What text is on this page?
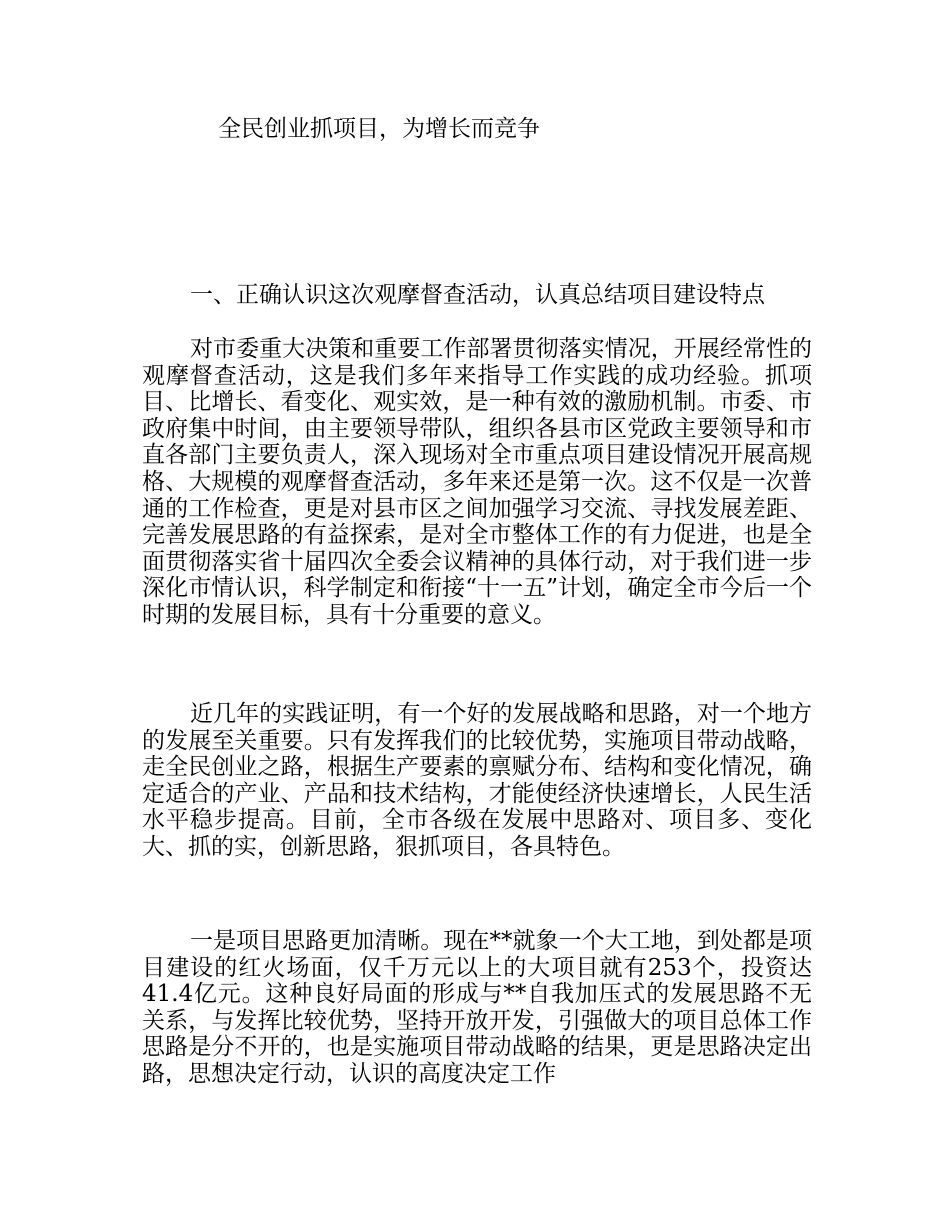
全民创业抓项目，为增长而竞争
一、正确认识这次观摩督查活动，认真总结项目建设特点

对市委重大决策和重要工作部署贯彻落实情况，开展经常性的观摩督查活动，这是我们多年来指导工作实践的成功经验。抓项目、比增长、看变化、观实效，是一种有效的激励机制。市委、市政府集中时间，由主要领导带队，组织各县市区党政主要领导和市直各部门主要负责人，深入现场对全市重点项目建设情况开展高规格、大规模的观摩督查活动，多年来还是第一次。这不仅是一次普通的工作检查，更是对县市区之间加强学习交流、寻找发展差距、完善发展思路的有益探索，是对全市整体工作的有力促进，也是全面贯彻落实省十届四次全委会议精神的具体行动，对于我们进一步深化市情认识，科学制定和衔接“十一五”计划，确定全市今后一个时期的发展目标，具有十分重要的意义。

近几年的实践证明，有一个好的发展战略和思路，对一个地方的发展至关重要。只有发挥我们的比较优势，实施项目带动战略，走全民创业之路，根据生产要素的禀赋分布、结构和变化情况，确定适合的产业、产品和技术结构，才能使经济快速增长，人民生活水平稳步提高。目前，全市各级在发展中思路对、项目多、变化大、抓的实，创新思路，狠抓项目，各具特色。

一是项目思路更加清晰。现在**就象一个大工地，到处都是项目建设的红火场面，仅千万元以上的大项目就有253个，投资达41.4亿元。这种良好局面的形成与**自我加压式的发展思路不无关系，与发挥比较优势，坚持开放开发，引强做大的项目总体工作思路是分不开的，也是实施项目带动战略的结果，更是思路决定出路，思想决定行动，认识的高度决定工作
